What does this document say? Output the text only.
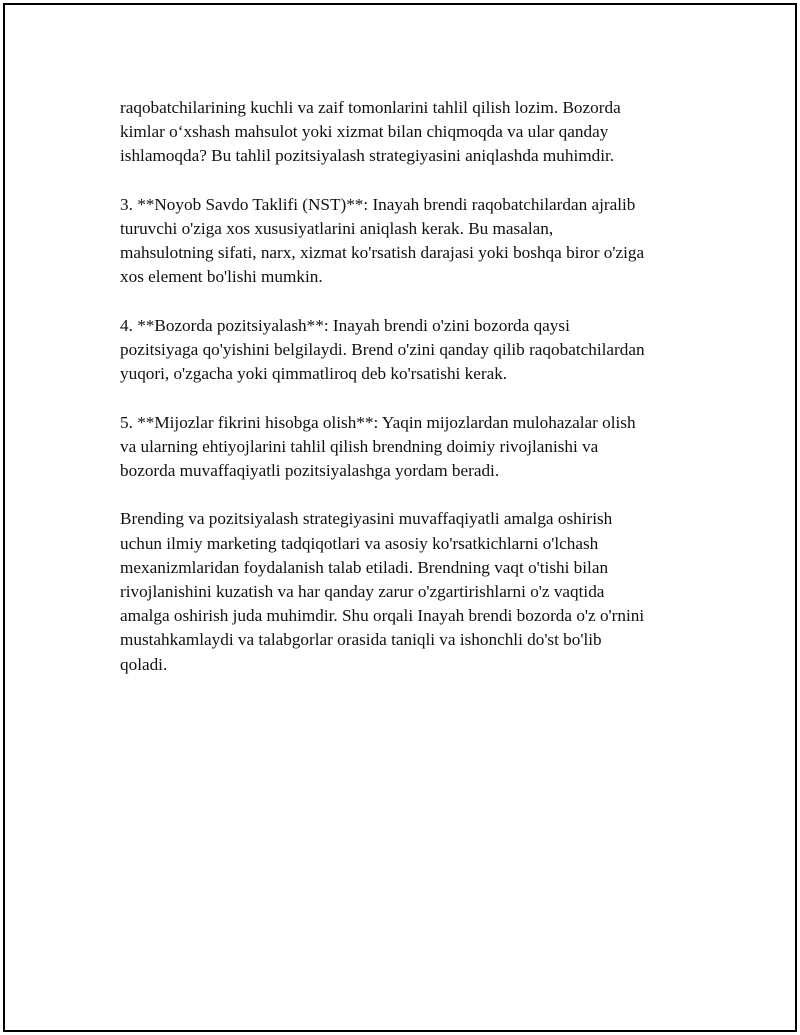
raqobatchilarining kuchli va zaif tomonlarini tahlil qilish lozim. Bozorda
kimlar o‘xshash mahsulot yoki xizmat bilan chiqmoqda va ular qanday
ishlamoqda? Bu tahlil pozitsiyalash strategiyasini aniqlashda muhimdir.

3. **Noyob Savdo Taklifi (NST)**: Inayah brendi raqobatchilardan ajralib
turuvchi o'ziga xos xususiyatlarini aniqlash kerak. Bu masalan,
mahsulotning sifati, narx, xizmat ko'rsatish darajasi yoki boshqa biror o'ziga
xos element bo'lishi mumkin.

4. **Bozorda pozitsiyalash**: Inayah brendi o'zini bozorda qaysi
pozitsiyaga qo'yishini belgilaydi. Brend o'zini qanday qilib raqobatchilardan
yuqori, o'zgacha yoki qimmatliroq deb ko'rsatishi kerak.

5. **Mijozlar fikrini hisobga olish**: Yaqin mijozlardan mulohazalar olish
va ularning ehtiyojlarini tahlil qilish brendning doimiy rivojlanishi va
bozorda muvaffaqiyatli pozitsiyalashga yordam beradi.

Brending va pozitsiyalash strategiyasini muvaffaqiyatli amalga oshirish
uchun ilmiy marketing tadqiqotlari va asosiy ko'rsatkichlarni o'lchash
mexanizmlaridan foydalanish talab etiladi. Brendning vaqt o'tishi bilan
rivojlanishini kuzatish va har qanday zarur o'zgartirishlarni o'z vaqtida
amalga oshirish juda muhimdir. Shu orqali Inayah brendi bozorda o'z o'rnini
mustahkamlaydi va talabgorlar orasida taniqli va ishonchli do'st bo'lib
qoladi.
